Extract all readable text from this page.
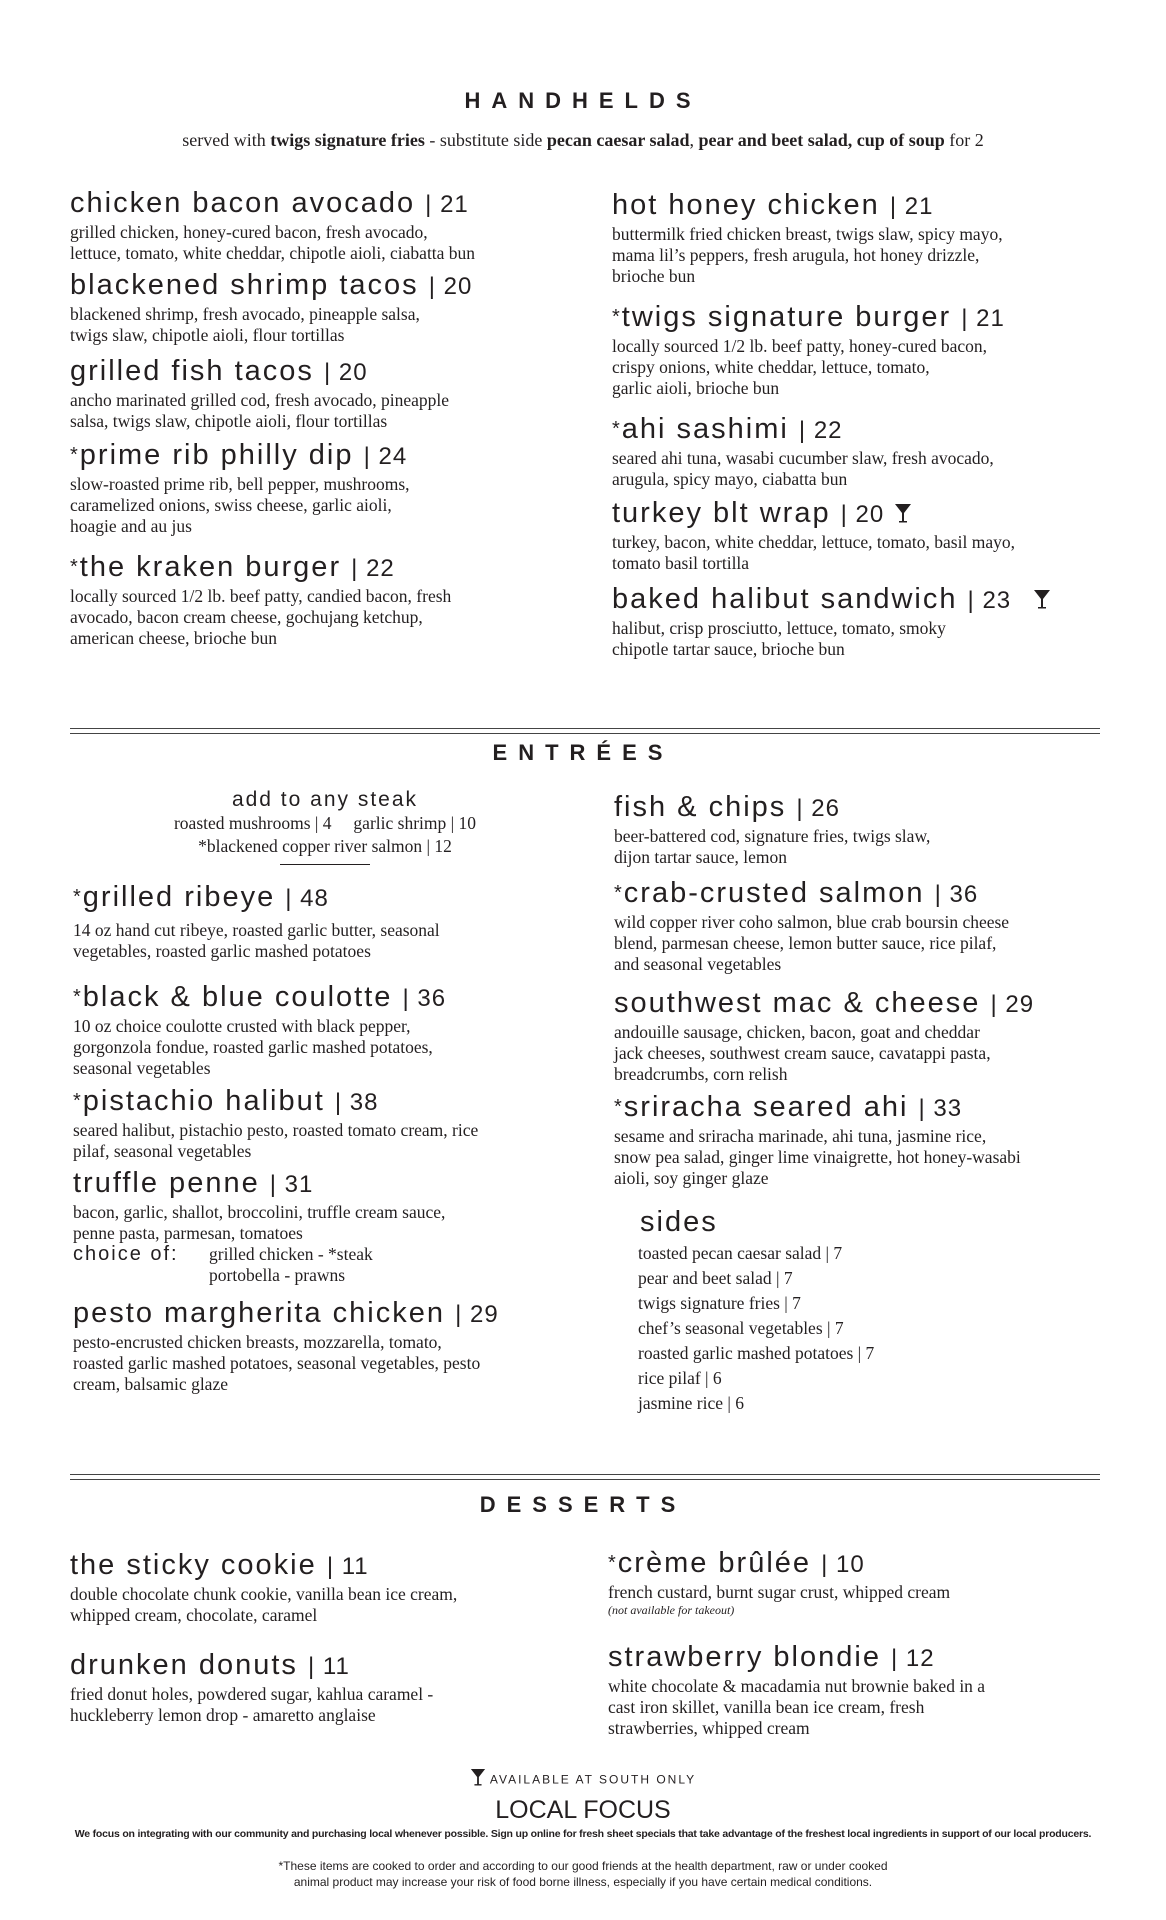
HANDHELDS
served with twigs signature fries - substitute side pecan caesar salad, pear and beet salad, cup of soup for 2
chicken bacon avocado | 21
grilled chicken, honey-cured bacon, fresh avocado,
lettuce, tomato, white cheddar, chipotle aioli, ciabatta bun
blackened shrimp tacos | 20
blackened shrimp, fresh avocado, pineapple salsa,
twigs slaw, chipotle aioli, flour tortillas
grilled fish tacos | 20
ancho marinated grilled cod, fresh avocado, pineapple
salsa, twigs slaw, chipotle aioli, flour tortillas
*prime rib philly dip | 24
slow-roasted prime rib, bell pepper, mushrooms,
caramelized onions, swiss cheese, garlic aioli,
hoagie and au jus
*the kraken burger | 22
locally sourced 1/2 lb. beef patty, candied bacon, fresh
avocado, bacon cream cheese, gochujang ketchup,
american cheese, brioche bun
hot honey chicken | 21
buttermilk fried chicken breast, twigs slaw, spicy mayo,
mama lil’s peppers, fresh arugula, hot honey drizzle,
brioche bun
*twigs signature burger | 21
locally sourced 1/2 lb. beef patty, honey-cured bacon,
crispy onions, white cheddar, lettuce, tomato,
garlic aioli, brioche bun
*ahi sashimi | 22
seared ahi tuna, wasabi cucumber slaw, fresh avocado,
arugula, spicy mayo, ciabatta bun
turkey blt wrap | 20
turkey, bacon, white cheddar, lettuce, tomato, basil mayo,
tomato basil tortilla
baked halibut sandwich | 23
halibut, crisp prosciutto, lettuce, tomato, smoky
chipotle tartar sauce, brioche bun
ENTRÉES
add to any steak
roasted mushrooms | 4     garlic shrimp | 10
*blackened copper river salmon | 12
*grilled ribeye | 48
14 oz hand cut ribeye, roasted garlic butter, seasonal
vegetables, roasted garlic mashed potatoes
*black & blue coulotte | 36
10 oz choice coulotte crusted with black pepper,
gorgonzola fondue, roasted garlic mashed potatoes,
seasonal vegetables
*pistachio halibut | 38
seared halibut, pistachio pesto, roasted tomato cream, rice
pilaf, seasonal vegetables
truffle penne | 31
bacon, garlic, shallot, broccolini, truffle cream sauce,
penne pasta, parmesan, tomatoes
choice of:	grilled chicken - *steak
portobella - prawns
pesto margherita chicken | 29
pesto-encrusted chicken breasts, mozzarella, tomato,
roasted garlic mashed potatoes, seasonal vegetables, pesto
cream, balsamic glaze
fish & chips | 26
beer-battered cod, signature fries, twigs slaw,
dijon tartar sauce, lemon
*crab-crusted salmon | 36
wild copper river coho salmon, blue crab boursin cheese
blend, parmesan cheese, lemon butter sauce, rice pilaf,
and seasonal vegetables
southwest mac & cheese | 29
andouille sausage, chicken, bacon, goat and cheddar
jack cheeses, southwest cream sauce, cavatappi pasta,
breadcrumbs, corn relish
*sriracha seared ahi | 33
sesame and sriracha marinade, ahi tuna, jasmine rice,
snow pea salad, ginger lime vinaigrette, hot honey-wasabi
aioli, soy ginger glaze
sides
toasted pecan caesar salad | 7
pear and beet salad | 7
twigs signature fries | 7
chef’s seasonal vegetables | 7
roasted garlic mashed potatoes | 7
rice pilaf | 6
jasmine rice | 6
DESSERTS
the sticky cookie | 11
double chocolate chunk cookie, vanilla bean ice cream,
whipped cream, chocolate, caramel
drunken donuts | 11
fried donut holes, powdered sugar, kahlua caramel -
huckleberry lemon drop - amaretto anglaise
*crème brûlée | 10
french custard, burnt sugar crust, whipped cream
(not available for takeout)
strawberry blondie | 12
white chocolate & macadamia nut brownie baked in a
cast iron skillet, vanilla bean ice cream, fresh
strawberries, whipped cream
AVAILABLE AT SOUTH ONLY
LOCAL FOCUS
We focus on integrating with our community and purchasing local whenever possible. Sign up online for fresh sheet specials that take advantage of the freshest local ingredients in support of our local producers.
*These items are cooked to order and according to our good friends at the health department, raw or under cooked
animal product may increase your risk of food borne illness, especially if you have certain medical conditions.
